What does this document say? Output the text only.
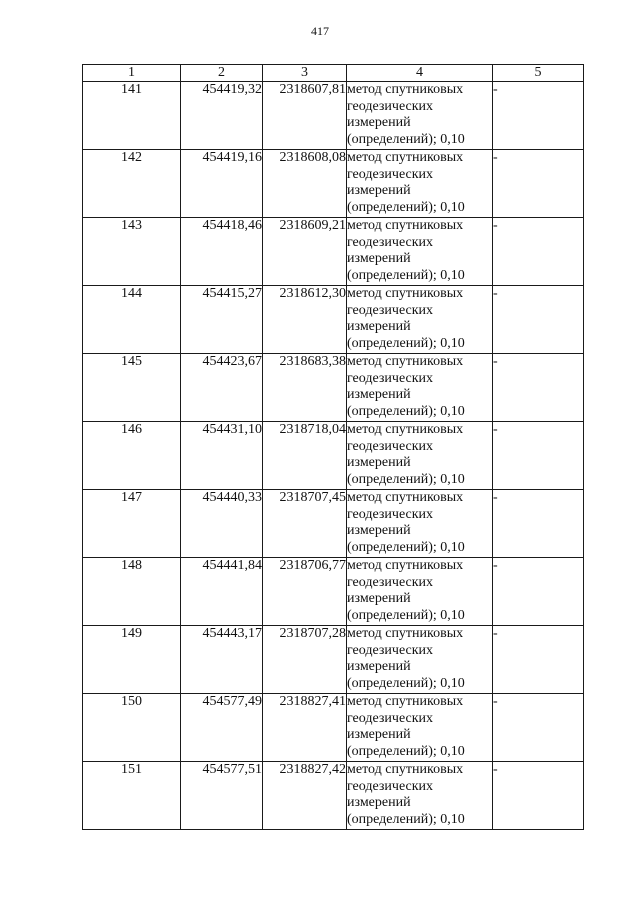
417
1	2	3	4	5
141	454419,32	2318607,81	метод спутниковых геодезических измерений (определений); 0,10	-
142	454419,16	2318608,08	метод спутниковых геодезических измерений (определений); 0,10	-
143	454418,46	2318609,21	метод спутниковых геодезических измерений (определений); 0,10	-
144	454415,27	2318612,30	метод спутниковых геодезических измерений (определений); 0,10	-
145	454423,67	2318683,38	метод спутниковых геодезических измерений (определений); 0,10	-
146	454431,10	2318718,04	метод спутниковых геодезических измерений (определений); 0,10	-
147	454440,33	2318707,45	метод спутниковых геодезических измерений (определений); 0,10	-
148	454441,84	2318706,77	метод спутниковых геодезических измерений (определений); 0,10	-
149	454443,17	2318707,28	метод спутниковых геодезических измерений (определений); 0,10	-
150	454577,49	2318827,41	метод спутниковых геодезических измерений (определений); 0,10	-
151	454577,51	2318827,42	метод спутниковых геодезических измерений (определений); 0,10	-
